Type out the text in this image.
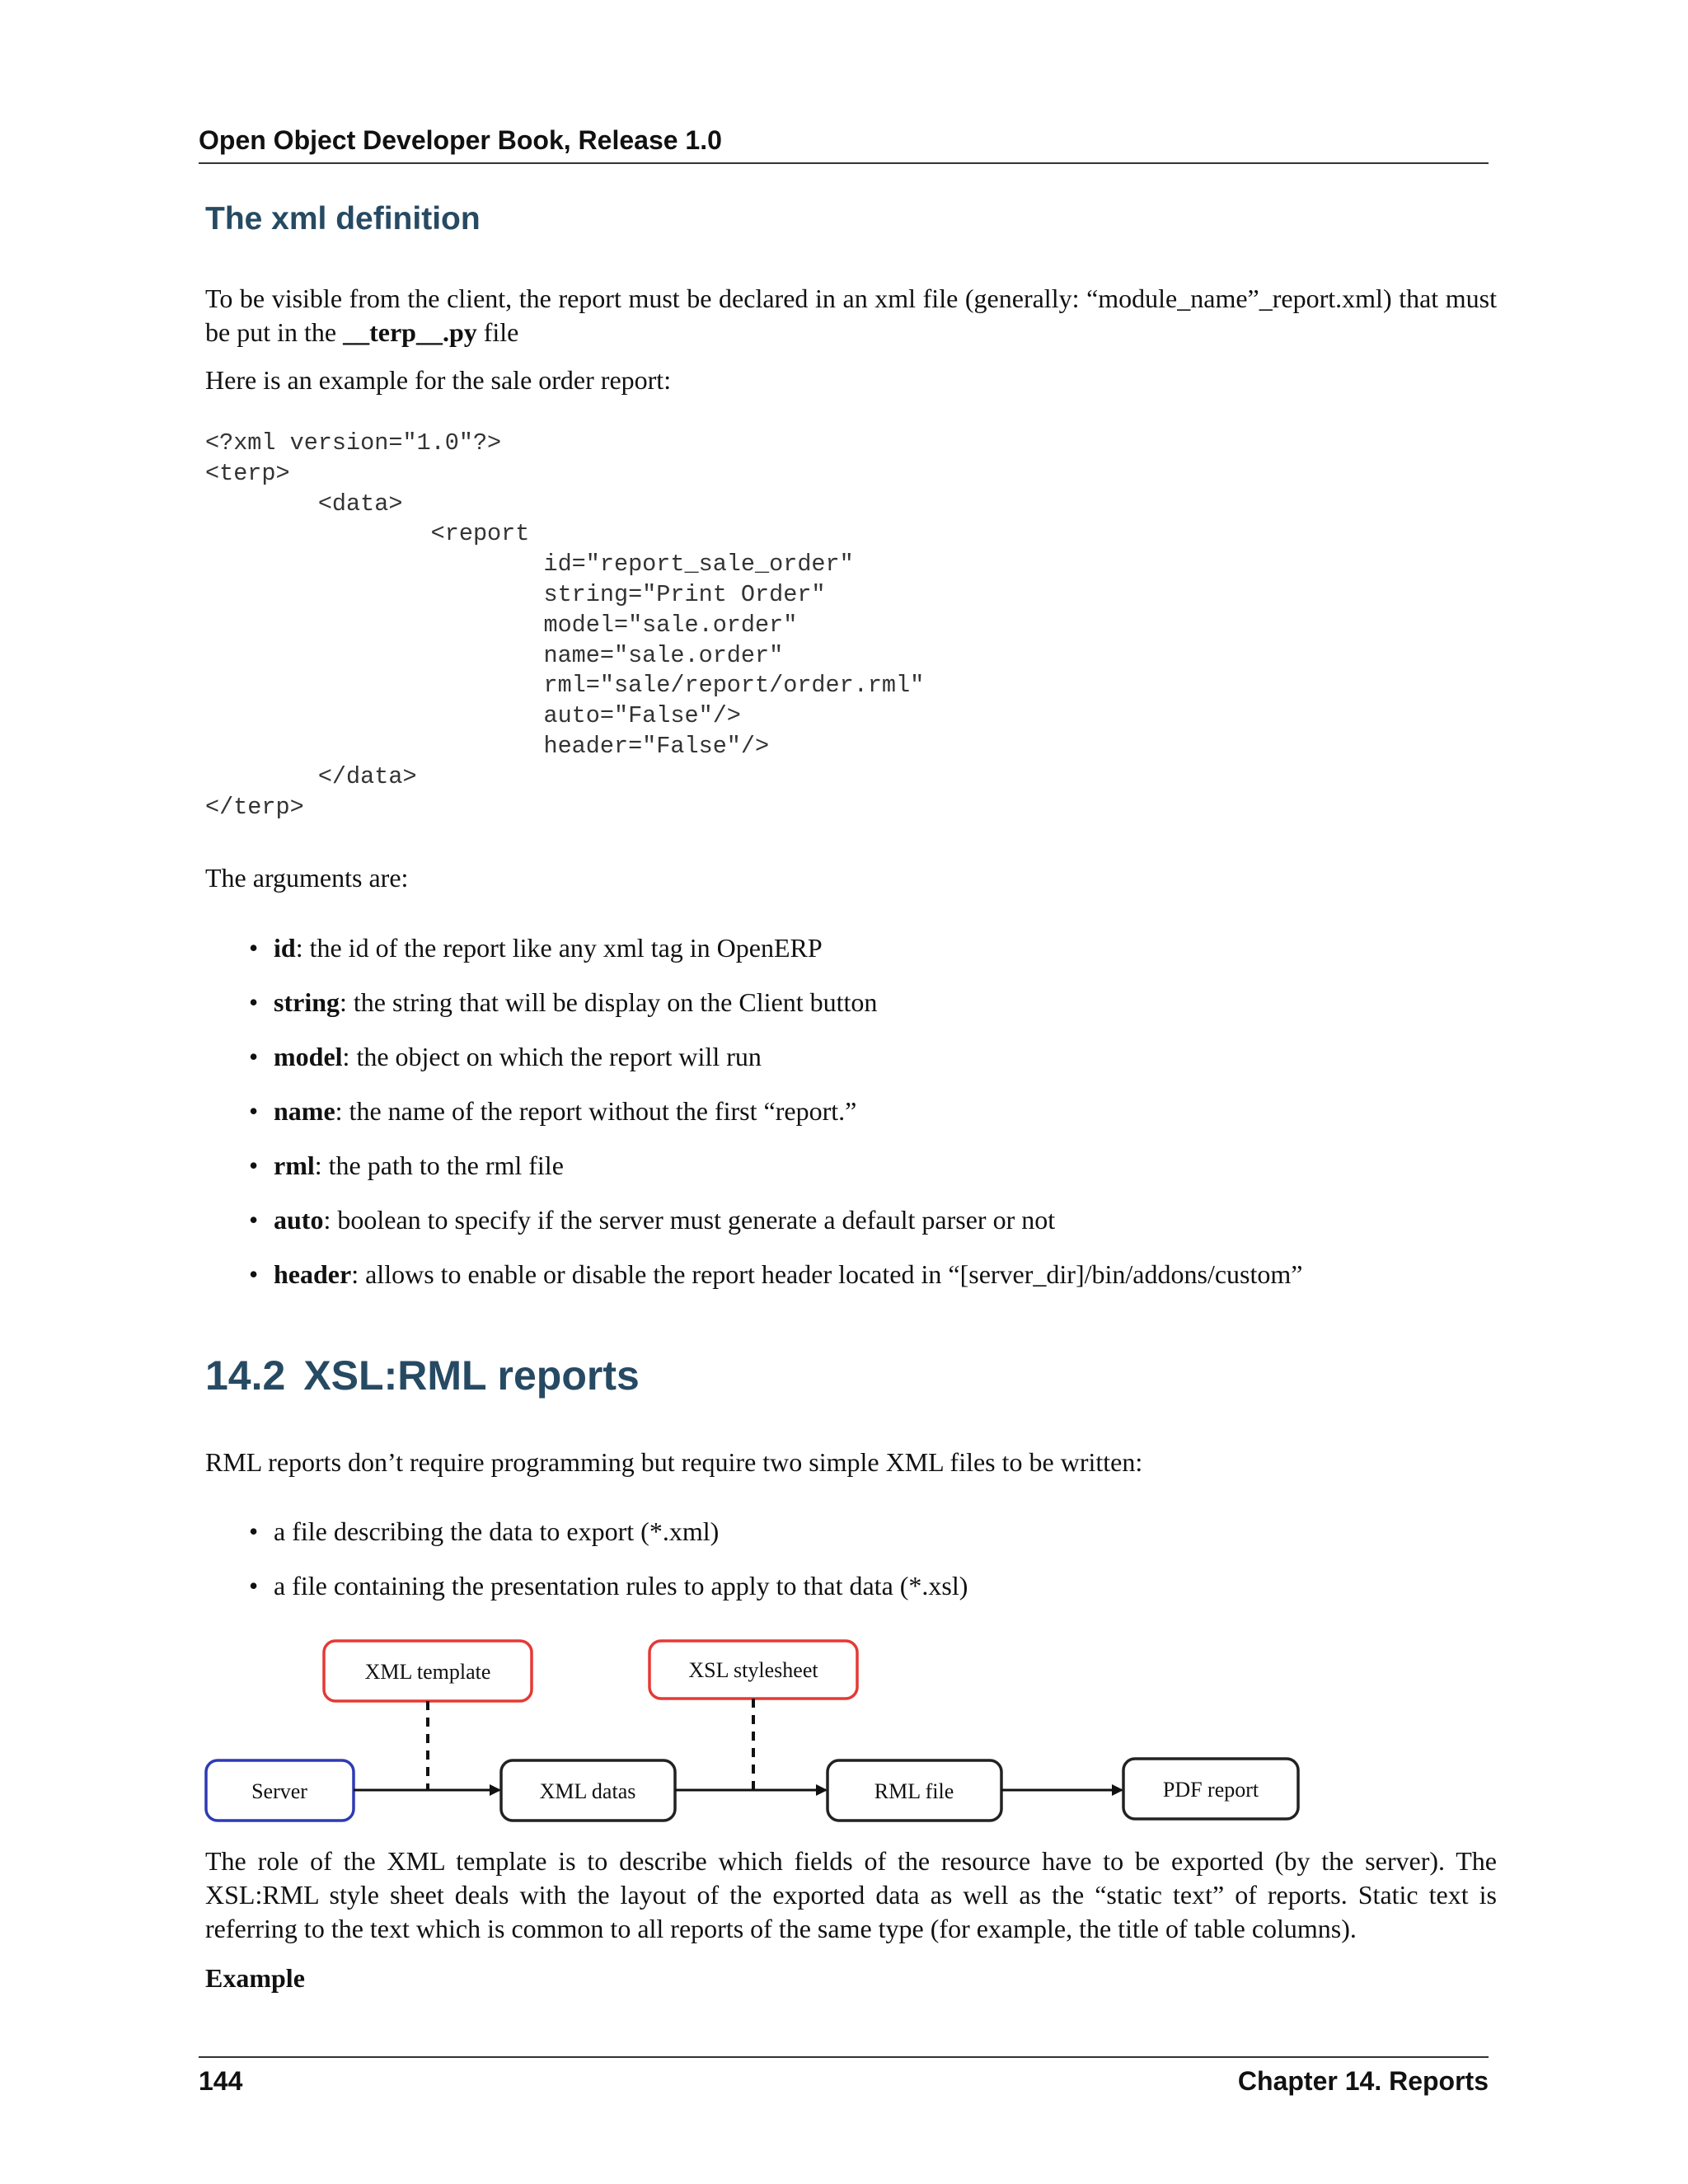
Open Object Developer Book, Release 1.0
The xml definition
To be visible from the client, the report must be declared in an xml file (generally: “module_name”_report.xml) that must be put in the __terp__.py file
Here is an example for the sale order report:
<?xml version="1.0"?>
<terp>
<data>
<report
id="report_sale_order"
string="Print Order"
model="sale.order"
name="sale.order"
rml="sale/report/order.rml"
auto="False"/>
header="False"/>
</data>
</terp>
The arguments are:
• id: the id of the report like any xml tag in OpenERP
• string: the string that will be display on the Client button
• model: the object on which the report will run
• name: the name of the report without the first “report.”
• rml: the path to the rml file
• auto: boolean to specify if the server must generate a default parser or not
• header: allows to enable or disable the report header located in “[server_dir]/bin/addons/custom”
14.2 XSL:RML reports
RML reports don’t require programming but require two simple XML files to be written:
• a file describing the data to export (*.xml)
• a file containing the presentation rules to apply to that data (*.xsl)
XML template	XSL stylesheet
Server	XML datas	RML file	PDF report
The role of the XML template is to describe which fields of the resource have to be exported (by the server). The XSL:RML style sheet deals with the layout of the exported data as well as the “static text” of reports. Static text is referring to the text which is common to all reports of the same type (for example, the title of table columns).
Example
144	Chapter 14. Reports
